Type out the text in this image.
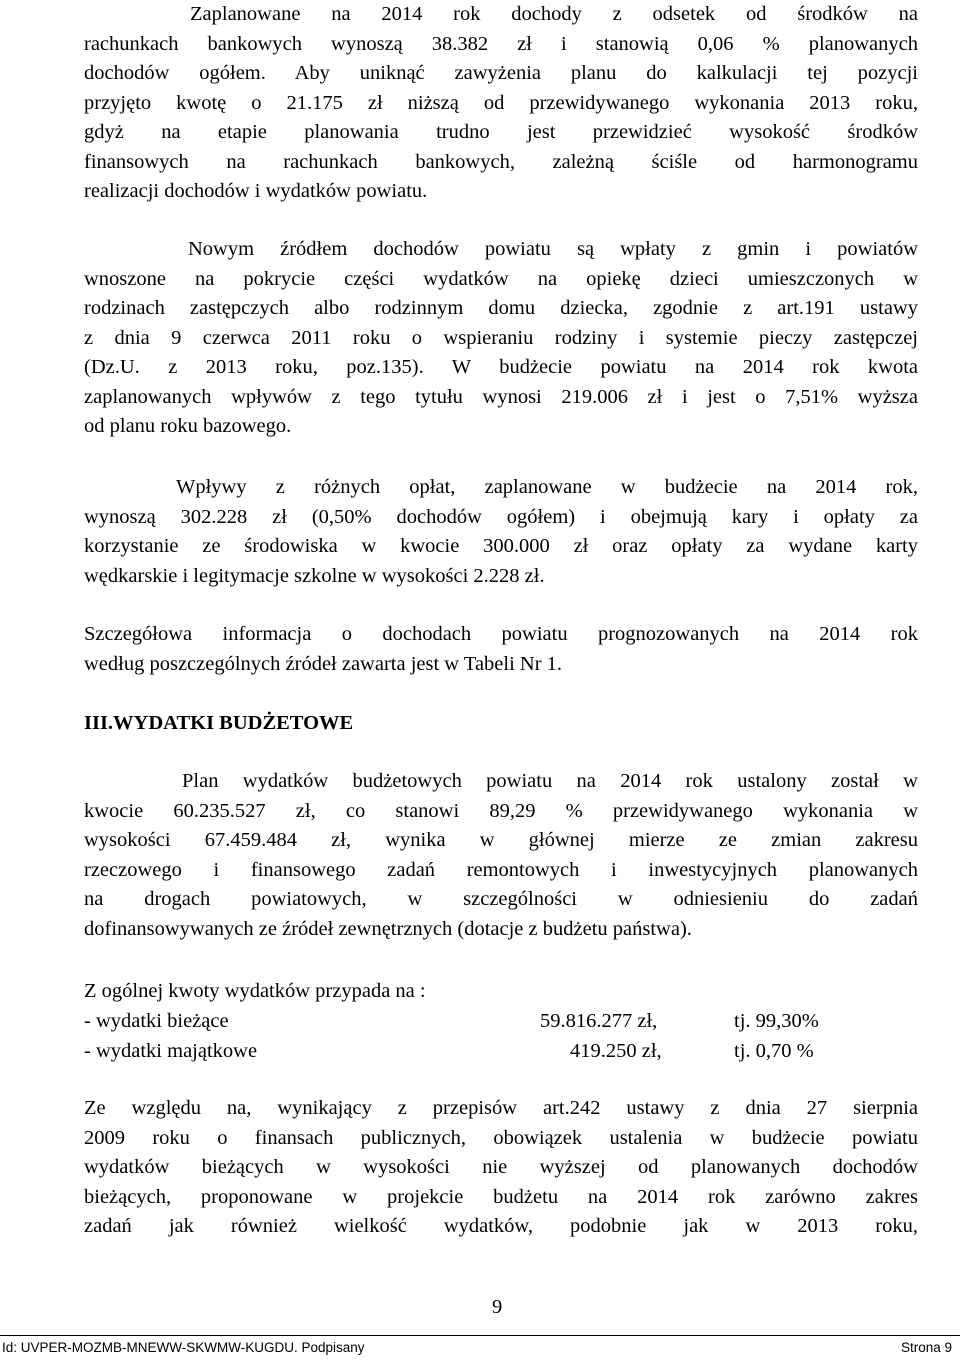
Zaplanowane na 2014 rok dochody z odsetek od środków na
rachunkach bankowych wynoszą 38.382 zł i stanowią 0,06 % planowanych
dochodów ogółem. Aby uniknąć zawyżenia planu do kalkulacji tej pozycji
przyjęto kwotę o 21.175 zł niższą od przewidywanego wykonania 2013 roku,
gdyż na etapie planowania trudno jest przewidzieć wysokość środków
finansowych na rachunkach bankowych, zależną ściśle od harmonogramu
realizacji dochodów i wydatków powiatu.
Nowym źródłem dochodów powiatu są wpłaty z gmin i powiatów
wnoszone na pokrycie części wydatków na opiekę dzieci umieszczonych w
rodzinach zastępczych albo rodzinnym domu dziecka, zgodnie z art.191 ustawy
z dnia 9 czerwca 2011 roku o wspieraniu rodziny i systemie pieczy zastępczej
(Dz.U. z 2013 roku, poz.135). W budżecie powiatu na 2014 rok kwota
zaplanowanych wpływów z tego tytułu wynosi 219.006 zł i jest o 7,51% wyższa
od planu roku bazowego.
Wpływy z różnych opłat, zaplanowane w budżecie na 2014 rok,
wynoszą 302.228 zł (0,50% dochodów ogółem) i obejmują kary i opłaty za
korzystanie ze środowiska w kwocie 300.000 zł oraz opłaty za wydane karty
wędkarskie i legitymacje szkolne w wysokości 2.228 zł.
Szczegółowa informacja o dochodach powiatu prognozowanych na 2014 rok
według poszczególnych źródeł zawarta jest w Tabeli Nr 1.
III.WYDATKI BUDŻETOWE
Plan wydatków budżetowych powiatu na 2014 rok ustalony został w
kwocie 60.235.527 zł, co stanowi 89,29 % przewidywanego wykonania w
wysokości 67.459.484 zł, wynika w głównej mierze ze zmian zakresu
rzeczowego i finansowego zadań remontowych i inwestycyjnych planowanych
na drogach powiatowych, w szczególności w odniesieniu do zadań
dofinansowywanych ze źródeł zewnętrznych (dotacje z budżetu państwa).
Z ogólnej kwoty wydatków przypada na :
- wydatki bieżące	59.816.277 zł,	tj. 99,30%
- wydatki majątkowe	419.250 zł,	tj. 0,70 %
Ze względu na, wynikający z przepisów art.242 ustawy z dnia 27 sierpnia
2009 roku o finansach publicznych, obowiązek ustalenia w budżecie powiatu
wydatków bieżących w wysokości nie wyższej od planowanych dochodów
bieżących, proponowane w projekcie budżetu na 2014 rok zarówno zakres
zadań jak również wielkość wydatków, podobnie jak w 2013 roku,
9
Id: UVPER-MOZMB-MNEWW-SKWMW-KUGDU. Podpisany	Strona 9
